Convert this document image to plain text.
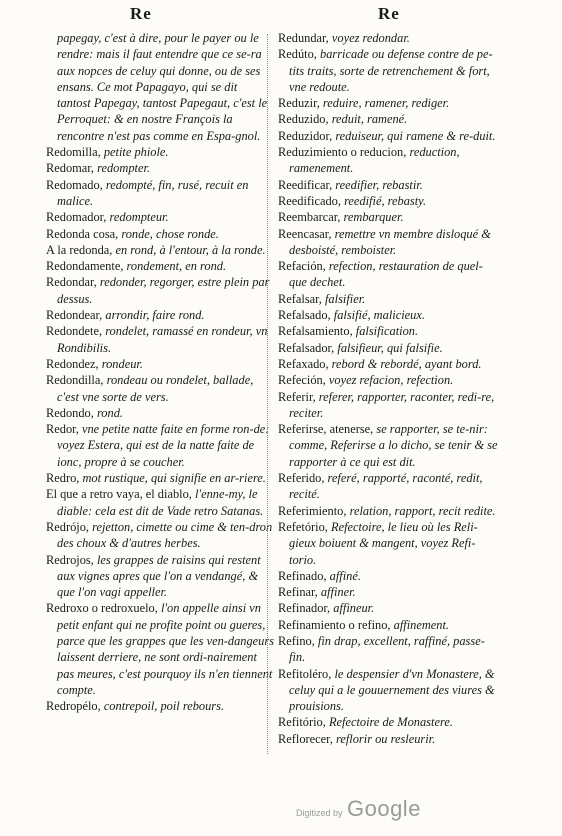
Re	Re

papegay, c'est à dire, pour le payer ou le rendre: mais il faut entendre que ce se-ra aux nopces de celuy qui donne, ou de ses ensans. Ce mot Papagayo, qui se dit tantost Papegay, tantost Papegaut, c'est le Perroquet: & en nostre François la rencontre n'est pas comme en Espa-gnol.

Redomilla, petite phiole.

Redomar, redompter.

Redomado, redompté, fin, rusé, recuit en malice.

Redomador, redompteur.

Redonda cosa, ronde, chose ronde.

A la redonda, en rond, à l'entour, à la ronde.

Redondamente, rondement, en rond.

Redondar, redonder, regorger, estre plein par dessus.

Redondear, arrondir, faire rond.

Redondete, rondelet, ramassé en rondeur, vn Rondibilis.

Redondez, rondeur.

Redondilla, rondeau ou rondelet, ballade, c'est vne sorte de vers.

Redondo, rond.

Redor, vne petite natte faite en forme ron-de: voyez Estera, qui est de la natte faite de ionc, propre à se coucher.

Redro, mot rustique, qui signifie en ar-riere.

El que a retro vaya, el diablo, l'enne-my, le diable: cela est dit de Vade retro Satanas.

Redrójo, rejetton, cimette ou cime & ten-dron des choux & d'autres herbes.

Redrojos, les grappes de raisins qui restent aux vignes apres que l'on a vendangé, & que l'on vagi appeller.

Redroxo o redroxuelo, l'on appelle ainsi vn petit enfant qui ne profite point ou gueres, parce que les grappes que les ven-dangeurs laissent derriere, ne sont ordi-nairement pas meures, c'est pourquoy ils n'en tiennent compte.

Redropélo, contrepoil, poil rebours.

Redundar, voyez redondar.

Redúto, barricade ou defense contre de pe-tits traits, sorte de retrenchement & fort, vne redoute.

Reduzir, reduire, ramener, rediger.

Reduzido, reduit, ramené.

Reduzidor, reduiseur, qui ramene & re-duit.

Reduzimiento o reducion, reduction, ramenement.

Reedificar, reedifier, rebastir.

Reedificado, reedifié, rebasty.

Reembarcar, rembarquer.

Reencasar, remettre vn membre disloqué & desboisté, remboister.

Refación, refection, restauration de quel-que dechet.

Refalsar, falsifier.

Refalsado, falsifié, malicieux.

Refalsamiento, falsification.

Refalsador, falsifieur, qui falsifie.

Refaxado, rebord & rebordé, ayant bord.

Refeción, voyez refacion, refection.

Referir, referer, rapporter, raconter, redi-re, reciter.

Referirse, atenerse, se rapporter, se te-nir: comme, Referirse a lo dicho, se tenir & se rapporter à ce qui est dit.

Referido, referé, rapporté, raconté, redit, recité.

Referimiento, relation, rapport, recit redite.

Refetório, Refectoire, le lieu où les Reli-gieux boiuent & mangent, voyez Refi-torio.

Refinado, affiné.

Refinar, affiner.

Refinador, affineur.

Refinamiento o refino, affinement.

Refino, fin drap, excellent, raffiné, passe-fin.

Refitoléro, le despensier d'vn Monastere, & celuy qui a le gouuernement des viures & prouisions.

Refitório, Refectoire de Monastere.

Reflorecer, reflorir ou resleurir.

Digitized by Google
